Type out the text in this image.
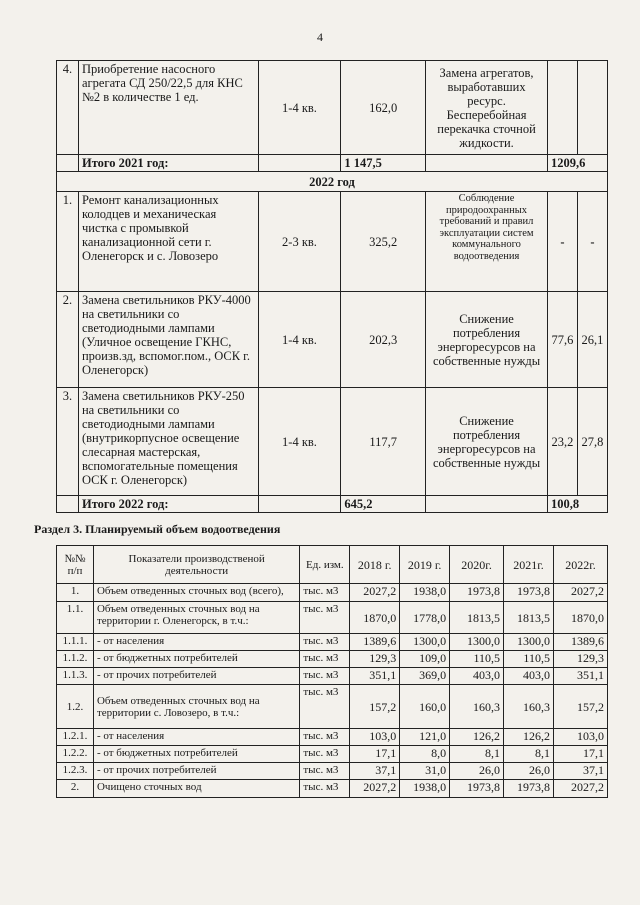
4
4.	Приобретение насосного агрегата СД 250/22,5 для КНС №2 в количестве 1 ед.	1-4 кв.	162,0	Замена агрегатов, выработавших ресурс. Бесперебойная перекачка сточной жидкости.		
	Итого 2021 год:		1 147,5		1209,6	
2022 год						
1.	Ремонт канализационных колодцев и механическая чистка с промывкой канализационной сети г. Оленегорск и с. Ловозеро	2-3 кв.	325,2	Соблюдение природоохранных требований и правил эксплуатации систем коммунального водоотведения	-	-
2.	Замена светильников РКУ-4000 на светильники со светодиодными лампами (Уличное освещение ГКНС, произв.зд, вспомог.пом., ОСК г. Оленегорск)	1-4 кв.	202,3	Снижение потребления энергоресурсов на собственные нужды	77,6	26,1
3.	Замена светильников РКУ-250 на светильники со светодиодными лампами (внутрикорпусное освещение слесарная мастерская, вспомогательные помещения ОСК г. Оленегорск)	1-4 кв.	117,7	Снижение потребления энергоресурсов на собственные нужды	23,2	27,8
	Итого 2022 год:		645,2		100,8	
Раздел 3. Планируемый объем водоотведения
№№ п/п	Показатели производственой деятельности	Ед. изм.	2018 г.	2019 г.	2020г.	2021г.	2022г.
1.	Объем отведенных сточных вод (всего),	тыс. м3	2027,2	1938,0	1973,8	1973,8	2027,2
1.1.	Объем отведенных сточных вод на территории г. Оленегорск, в т.ч.:	тыс. м3	1870,0	1778,0	1813,5	1813,5	1870,0
1.1.1.	- от населения	тыс. м3	1389,6	1300,0	1300,0	1300,0	1389,6
1.1.2.	- от бюджетных потребителей	тыс. м3	129,3	109,0	110,5	110,5	129,3
1.1.3.	- от прочих потребителей	тыс. м3	351,1	369,0	403,0	403,0	351,1
1.2.	Объем отведенных сточных вод на территории с. Ловозеро, в т.ч.:	тыс. м3	157,2	160,0	160,3	160,3	157,2
1.2.1.	- от населения	тыс. м3	103,0	121,0	126,2	126,2	103,0
1.2.2.	- от бюджетных потребителей	тыс. м3	17,1	8,0	8,1	8,1	17,1
1.2.3.	- от прочих потребителей	тыс. м3	37,1	31,0	26,0	26,0	37,1
2.	Очищено сточных вод	тыс. м3	2027,2	1938,0	1973,8	1973,8	2027,2
